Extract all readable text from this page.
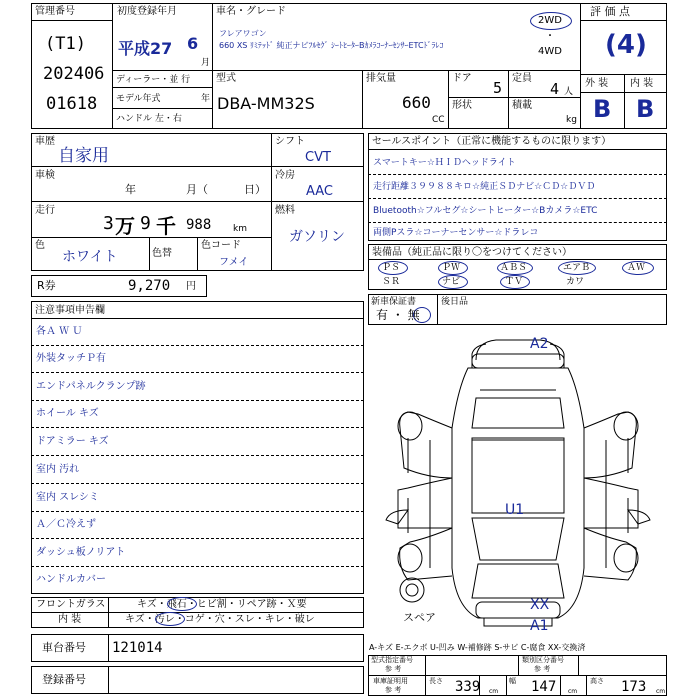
管理番号
(T1)
202406
01618
初度登録年月
平成27 6
月
車名・グレード
フレアワゴン
660 XS ﾘﾐﾃｯﾄﾞ 純正ナビﾌﾙｾｸﾞ ｼｰﾄﾋｰﾀｰBｶﾒﾗｺｰﾅｰｾﾝｻｰETCﾄﾞﾗﾚｺ
2WD
・
4WD
評 価 点
(4)
外 装 内 装
B B
ディーラー・並 行
モデル年式	年
ハンドル 左・右
型式
DBA-MM32S
排気量
660
CC
ドア
5
定員
4 人
形状	積載
kg
車歴
自家用
車検
年	月（	日）
走行
3 万 9 千 988 km
色
ホワイト	色替
色コード
フメイ
シフト
CVT
冷房
AAC
燃料
ガソリン
R券	9,270 円
セールスポイント（正常に機能するものに限ります）
スマートキー☆ＨＩＤヘッドライト
走行距離３９９８８キロ☆純正ＳＤナビ☆ＣＤ☆ＤＶＤ
Bluetooth☆フルセグ☆シートヒーター☆Bカメラ☆ETC
両側Pスラ☆コーナーセンサー☆ドラレコ
装備品（純正品に限り〇をつけてください）
ＰＳ	ＰＷ	ＡＢＳ	エアＢ	ＡＷ
ＳＲ	ナビ	ＴＶ	カワ
新車保証書	後日品
有 ・ 無
注意事項申告欄
各Ａ Ｗ Ｕ
外装タッチＰ有
エンドパネルクランプ跡
ホイール キズ
ドアミラー キズ
室内 汚れ
室内 スレシミ
Ａ／Ｃ冷えず
ダッシュ板ノリアト
ハンドルカバー
フロントガラス	キズ・飛石・ヒビ割・リペア跡・Ｘ要
内 装	キズ・汚レ・コゲ・穴・スレ・キレ・破レ
車台番号 121014
登録番号
A-キズ E-エクボ U-凹み W-補修跡 S-サビ C-腐食 XX-交換済
型式指定番号
参 考
類別区分番号
参 考
車庫証明用
参 考
長さ 339 cm
幅 147 cm
高さ 173 cm
A2
U1
XX
A1
スペア
